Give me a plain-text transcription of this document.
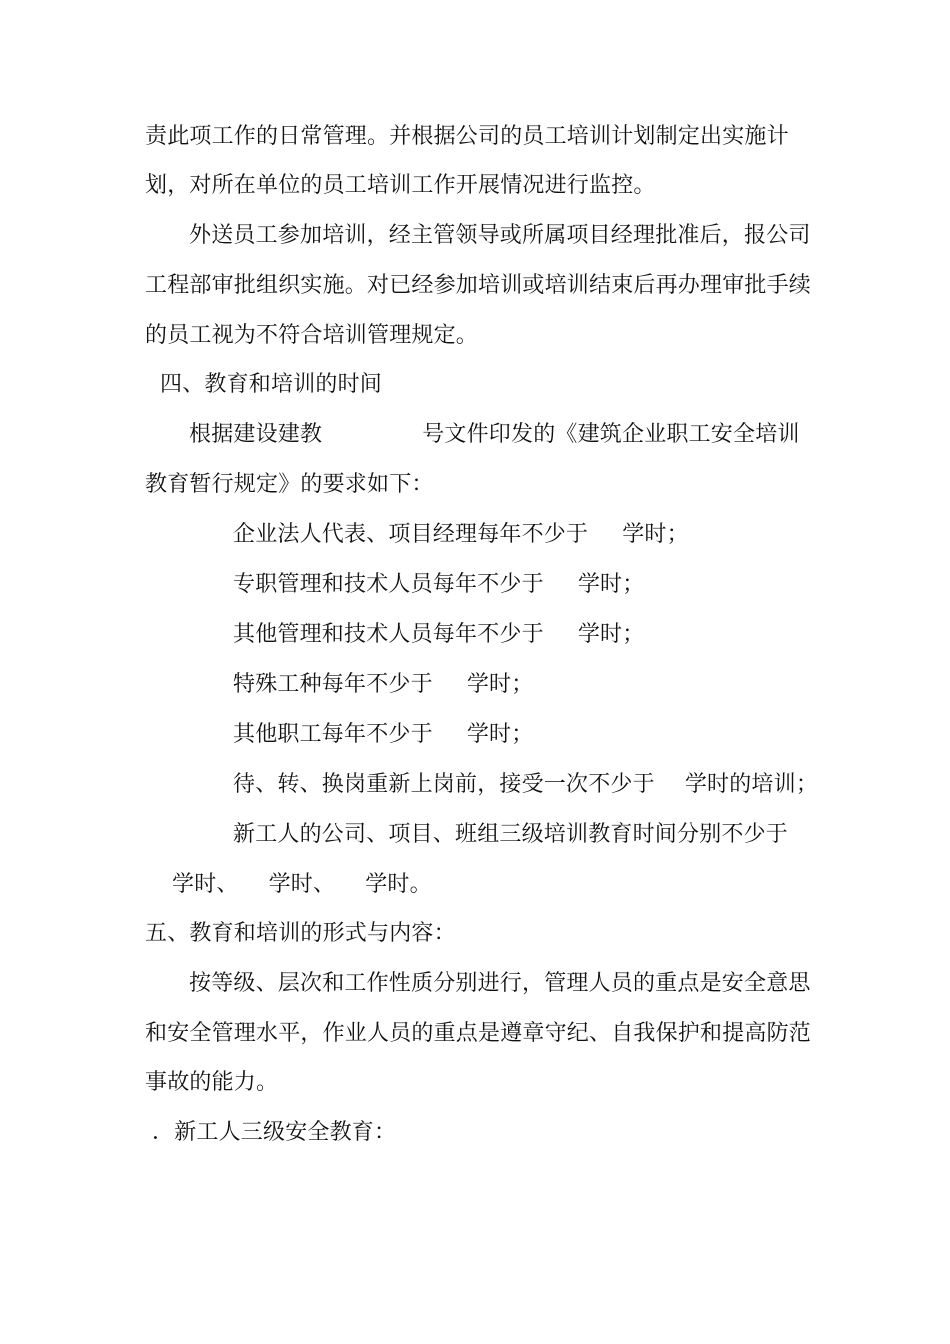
责此项工作的日常管理。并根据公司的员工培训计划制定出实施计
划，对所在单位的员工培训工作开展情况进行监控。
外送员工参加培训，经主管领导或所属项目经理批准后，报公司
工程部审批组织实施。对已经参加培训或培训结束后再办理审批手续
的员工视为不符合培训管理规定。
四、教育和培训的时间
根据建设建教	号文件印发的《建筑企业职工安全培训
教育暂行规定》的要求如下：
企业法人代表、项目经理每年不少于 学时；
专职管理和技术人员每年不少于 学时；
其他管理和技术人员每年不少于 学时；
特殊工种每年不少于 学时；
其他职工每年不少于 学时；
待、转、换岗重新上岗前，接受一次不少于 学时的培训；
新工人的公司、项目、班组三级培训教育时间分别不少于
学时、 学时、 学时。
五、教育和培训的形式与内容：
按等级、层次和工作性质分别进行，管理人员的重点是安全意思
和安全管理水平，作业人员的重点是遵章守纪、自我保护和提高防范
事故的能力。
．新工人三级安全教育：
